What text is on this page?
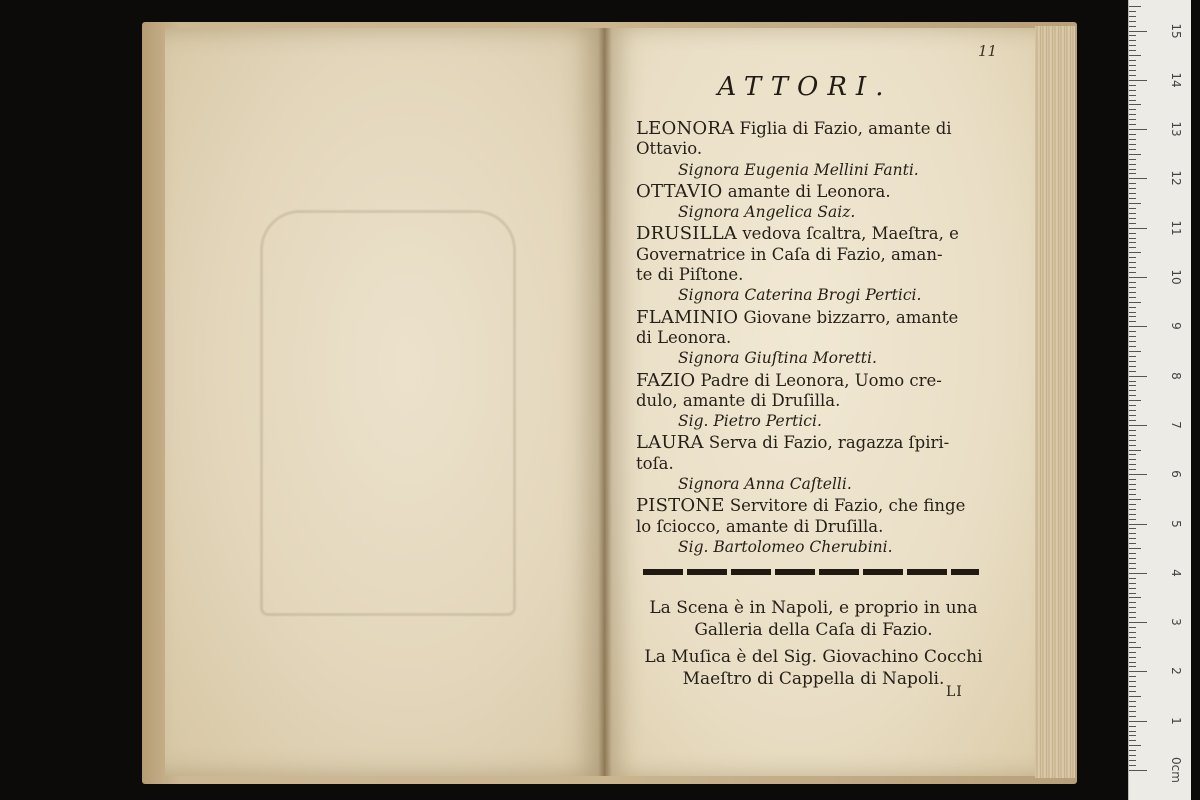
11
ATTORI.
LEONORA Figlia di Fazio, amante di
Ottavio.
Signora Eugenia Mellini Fanti.
OTTAVIO amante di Leonora.
Signora Angelica Saiz.
DRUSILLA vedova ſcaltra, Maeſtra, e
Governatrice in Caſa di Fazio, aman-
te di Piſtone.
Signora Caterina Brogi Pertici.
FLAMINIO Giovane bizzarro, amante
di Leonora.
Signora Giuſtina Moretti.
FAZIO Padre di Leonora, Uomo cre-
dulo, amante di Druſilla.
Sig. Pietro Pertici.
LAURA Serva di Fazio, ragazza ſpiri-
toſa.
Signora Anna Caſtelli.
PISTONE Servitore di Fazio, che finge
lo ſciocco, amante di Druſilla.
Sig. Bartolomeo Cherubini.
La Scena è in Napoli, e proprio in una
Galleria della Caſa di Fazio.
La Muſica è del Sig. Giovachino Cocchi
Maeſtro di Cappella di Napoli.
LI
0cm
1
2
3
4
5
6
7
8
9
10
11
12
13
14
15
